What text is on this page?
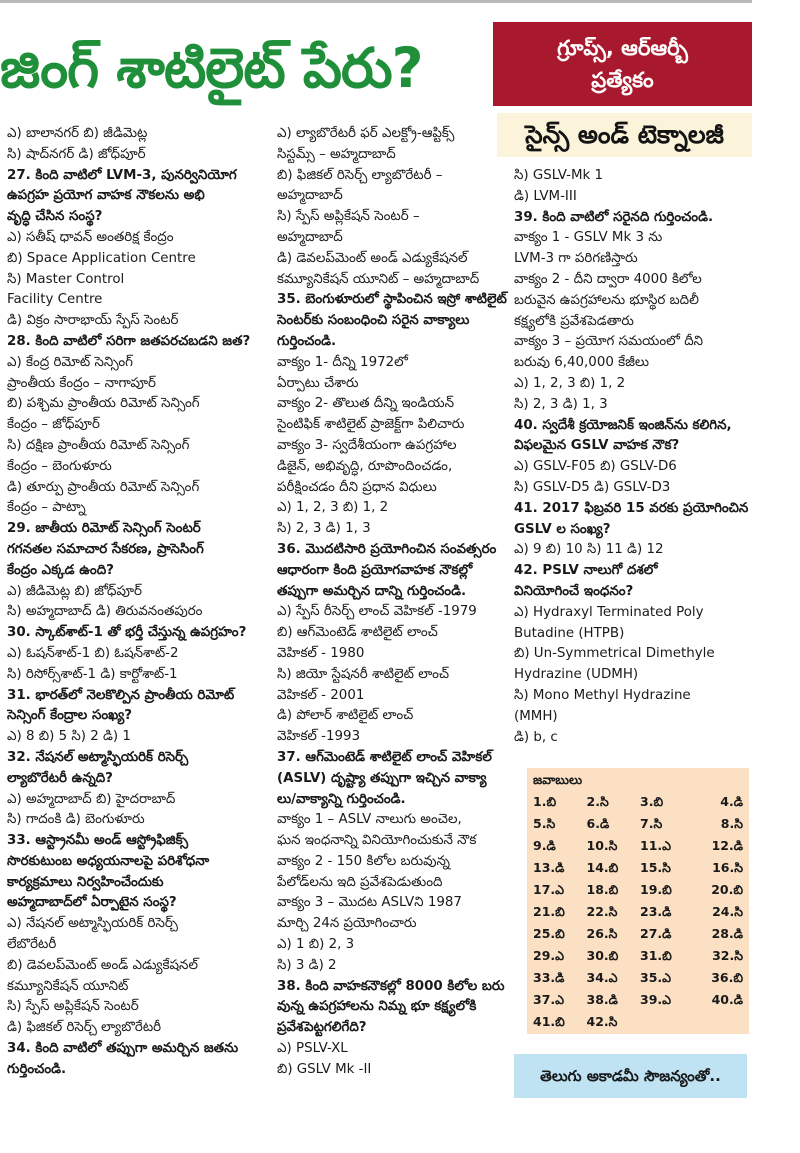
జింగ్ శాటిలైట్ పేరు?	గ్రూప్స్, ఆర్ఆర్బీ
ప్రత్యేకం
సైన్స్ అండ్ టెక్నాలజీ
ఎ) బాలానగర్ బి) జీడిమెట్ల
సి) షాద్‌నగర్ డి) జోధ్‌పూర్
27. కింది వాటిలో LVM-3, పునర్వినియోగ
ఉపగ్రహ ప్రయోగ వాహక నౌకలను అభి
వృద్ధి చేసిన సంస్థ?
ఎ) సతీష్ ధావన్ అంతరిక్ష కేంద్రం
బి) Space Application Centre
సి) Master Control
Facility Centre
డి) విక్రం సారాభాయ్ స్పేస్ సెంటర్
28. కింది వాటిలో సరిగా జతపరచబడని జత?
ఎ) కేంద్ర రిమోట్ సెన్సింగ్
ప్రాంతీయ కేంద్రం – నాగాపూర్
బి) పశ్చిమ ప్రాంతీయ రిమోట్ సెన్సింగ్
కేంద్రం – జోధ్‌పూర్
సి) దక్షిణ ప్రాంతీయ రిమోట్ సెన్సింగ్
కేంద్రం – బెంగుళూరు
డి) తూర్పు ప్రాంతీయ రిమోట్ సెన్సింగ్
కేంద్రం – పాట్నా
29. జాతీయ రిమోట్ సెన్సింగ్ సెంటర్
గగనతల సమాచార సేకరణ, ప్రాసెసింగ్
కేంద్రం ఎక్కడ ఉంది?
ఎ) జీడిమెట్ల బి) జోధ్‌పూర్
సి) అహ్మదాబాద్ డి) తిరువనంతపురం
30. స్కాట్‌శాట్-1 తో భర్తీ చేస్తున్న ఉపగ్రహం?
ఎ) ఓషన్‌శాట్-1 బి) ఓషన్‌శాట్-2
సి) రిసోర్స్‌శాట్-1 డి) కార్టోశాట్-1
31. భారత్‌లో నెలకొల్పిన ప్రాంతీయ రిమోట్
సెన్సింగ్ కేంద్రాల సంఖ్య?
ఎ) 8 బి) 5 సి) 2 డి) 1
32. నేషనల్ అట్మాస్ఫియరిక్ రిసెర్చ్
ల్యాబొరేటరీ ఉన్నది?
ఎ) అహ్మదాబాద్ బి) హైదరాబాద్
సి) గాదంకి డి) బెంగుళూరు
33. ఆస్ట్రానమీ అండ్ ఆస్ట్రోఫిజిక్స్
సొరకుటుంబ అధ్యయనాలపై పరిశోధనా
కార్యక్రమాలు నిర్వహించేందుకు
అహ్మదాబాద్‌లో ఏర్పాటైన సంస్థ?
ఎ) నేషనల్ అట్మాస్ఫియరిక్ రిసెర్చ్
లేబొరేటరీ
బి) డెవలప్‌మెంట్ అండ్ ఎడ్యుకేషనల్
కమ్యూనికేషన్ యూనిట్
సి) స్పేస్ అప్లికేషన్ సెంటర్
డి) ఫిజికల్ రిసెర్చ్ ల్యాబొరేటరీ
34. కింది వాటిలో తప్పుగా అమర్చిన జతను
గుర్తించండి.
ఎ) ల్యాబొరేటరీ ఫర్ ఎలక్ట్రో-ఆప్టిక్స్
సిస్టమ్స్ – అహ్మదాబాద్
బి) ఫిజికల్ రిసెర్చ్ ల్యాబొరేటరీ –
అహ్మదాబాద్
సి) స్పేస్ అప్లికేషన్ సెంటర్ –
అహ్మదాబాద్
డి) డెవలప్‌మెంట్ అండ్ ఎడ్యుకేషనల్
కమ్యూనికేషన్ యూనిట్ – అహ్మదాబాద్
35. బెంగుళూరులో స్థాపించిన ఇస్రో శాటిలైట్
సెంటర్‌కు సంబంధించి సరైన వాక్యాలు
గుర్తించండి.
వాక్యం 1- దీన్ని 1972లో
ఏర్పాటు చేశారు
వాక్యం 2- తొలుత దీన్ని ఇండియన్
సైంటిఫిక్ శాటిలైట్ ప్రాజెక్ట్‌గా పిలిచారు
వాక్యం 3- స్వదేశీయంగా ఉపగ్రహాల
డిజైన్, అభివృద్ధి, రూపొందించడం,
పరీక్షించడం దీని ప్రధాన విధులు
ఎ) 1, 2, 3 బి) 1, 2
సి) 2, 3 డి) 1, 3
36. మొదటిసారి ప్రయోగించిన సంవత్సరం
ఆధారంగా కింది ప్రయోగవాహక నౌకల్లో
తప్పుగా అమర్చిన దాన్ని గుర్తించండి.
ఎ) స్పేస్ రీసెర్చ్ లాంచ్ వెహికల్ -1979
బి) ఆగ్‌మెంటెడ్ శాటిలైట్ లాంచ్
వెహికల్ - 1980
సి) జియో స్టేషనరీ శాటిలైట్ లాంచ్
వెహికల్ - 2001
డి) పోలార్ శాటిలైట్ లాంచ్
వెహికల్ -1993
37. ఆగ్‌మెంటెడ్ శాటిలైట్ లాంచ్ వెహికల్
(ASLV) దృష్ట్యా తప్పుగా ఇచ్చిన వాక్యా
లు/వాక్యాన్ని గుర్తించండి.
వాక్యం 1 – ASLV నాలుగు అంచెల,
ఘన ఇంధనాన్ని వినియోగించుకునే నౌక
వాక్యం 2 - 150 కిలోల బరువున్న
పేలోడ్‌లను ఇది ప్రవేశపెడుతుంది
వాక్యం 3 – మొదట ASLVని 1987
మార్చి 24న ప్రయోగించారు
ఎ) 1 బి) 2, 3
సి) 3 డి) 2
38. కింది వాహకనౌకల్లో 8000 కిలోల బరు
వున్న ఉపగ్రహాలను నిమ్న భూ కక్ష్యలోకి
ప్రవేశపెట్టగలిగేది?
ఎ) PSLV-XL
బి) GSLV Mk -II
సి) GSLV-Mk 1
డి) LVM-III
39. కింది వాటిలో సరైనది గుర్తించండి.
వాక్యం 1 - GSLV Mk 3 ను
LVM-3 గా పరిగణిస్తారు
వాక్యం 2 - దీని ద్వారా 4000 కిలోల
బరువైన ఉపగ్రహాలను భూస్థిర బదిలీ
కక్ష్యలోకి ప్రవేశపెడతారు
వాక్యం 3 – ప్రయోగ సమయంలో దీని
బరువు 6,40,000 కేజీలు
ఎ) 1, 2, 3 బి) 1, 2
సి) 2, 3 డి) 1, 3
40. స్వదేశీ క్రయోజనిక్ ఇంజిన్‌ను కలిగిన,
విఫలమైన GSLV వాహక నౌక?
ఎ) GSLV-F05 బి) GSLV-D6
సి) GSLV-D5 డి) GSLV-D3
41. 2017 ఫిబ్రవరి 15 వరకు ప్రయోగించిన
GSLV ల సంఖ్య?
ఎ) 9 బి) 10 సి) 11 డి) 12
42. PSLV నాలుగో దశలో
వినియోగించే ఇంధనం?
ఎ) Hydraxyl Terminated Poly
Butadine (HTPB)
బి) Un-Symmetrical Dimethyle
Hydrazine (UDMH)
సి) Mono Methyl Hydrazine
(MMH)
డి) b, c
జవాబులు
1.బి	2.సి	3.బి	4.డి
5.సి	6.డి	7.సి	8.సి
9.డి	10.సి	11.ఎ	12.డి
13.డి	14.బి	15.సి	16.సి
17.ఎ	18.బి	19.బి	20.బి
21.బి	22.సి	23.డి	24.సి
25.బి	26.సి	27.డి	28.డి
29.ఎ	30.బి	31.బి	32.సి
33.డి	34.ఎ	35.ఎ	36.బి
37.ఎ	38.డి	39.ఎ	40.డి
41.బి	42.సి		
తెలుగు అకాడమీ సౌజన్యంతో..
